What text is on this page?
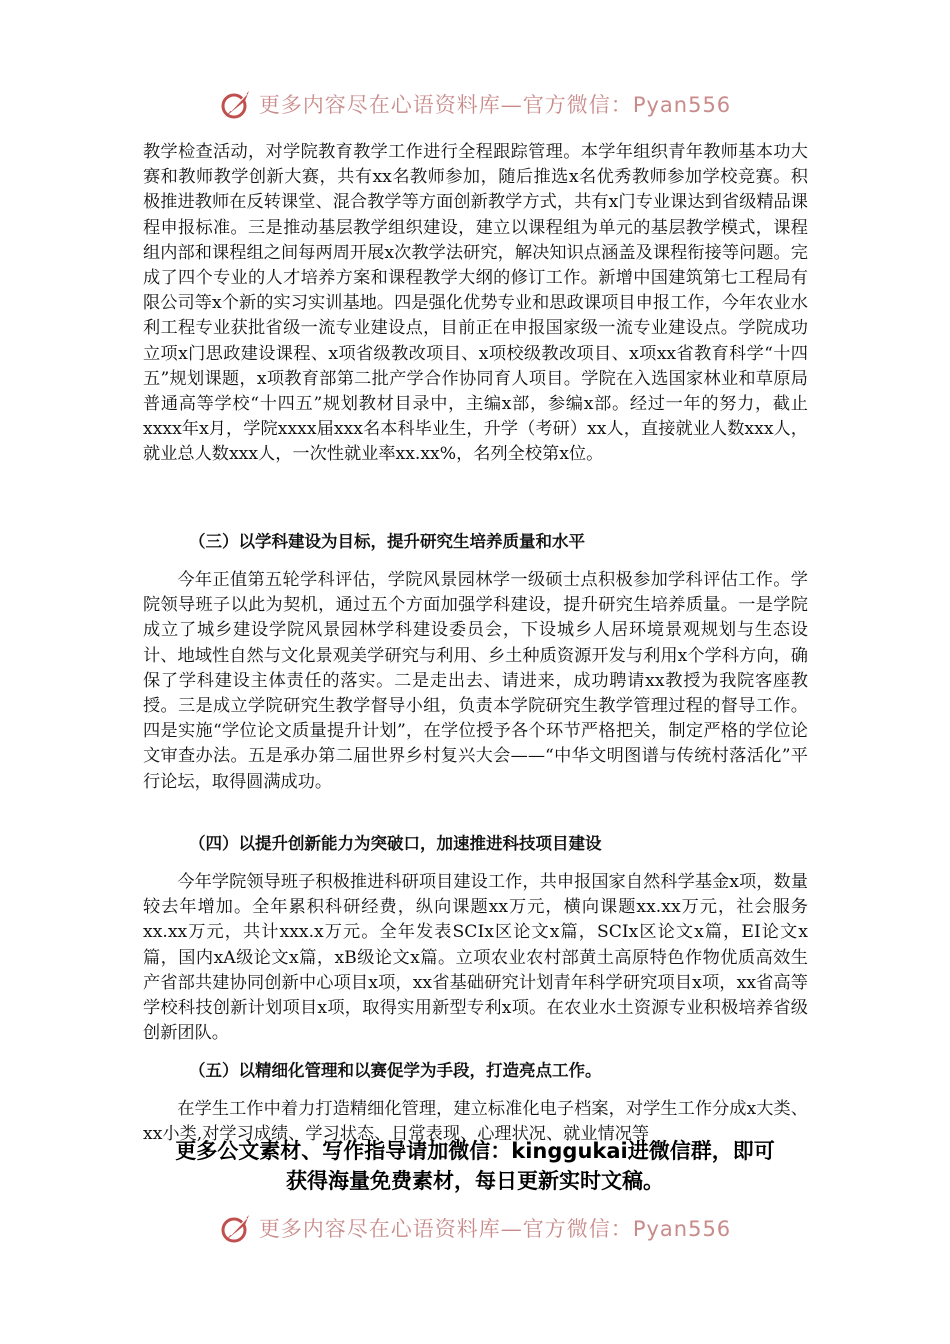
更多内容尽在心语资料库—官方微信：Pyan556

教学检查活动，对学院教育教学工作进行全程跟踪管理。本学年组织青年教师基本功大赛和教师教学创新大赛，共有xx名教师参加，随后推选x名优秀教师参加学校竞赛。积极推进教师在反转课堂、混合教学等方面创新教学方式，共有x门专业课达到省级精品课程申报标准。三是推动基层教学组织建设，建立以课程组为单元的基层教学模式，课程组内部和课程组之间每两周开展x次教学法研究，解决知识点涵盖及课程衔接等问题。完成了四个专业的人才培养方案和课程教学大纲的修订工作。新增中国建筑第七工程局有限公司等x个新的实习实训基地。四是强化优势专业和思政课项目申报工作，今年农业水利工程专业获批省级一流专业建设点，目前正在申报国家级一流专业建设点。学院成功立项x门思政建设课程、x项省级教改项目、x项校级教改项目、x项xx省教育科学“十四五”规划课题，x项教育部第二批产学合作协同育人项目。学院在入选国家林业和草原局普通高等学校“十四五”规划教材目录中，主编x部，参编x部。经过一年的努力，截止xxxx年x月，学院xxxx届xxx名本科毕业生，升学（考研）xx人，直接就业人数xxx人，就业总人数xxx人，一次性就业率xx.xx%，名列全校第x位。

（三）以学科建设为目标，提升研究生培养质量和水平

今年正值第五轮学科评估，学院风景园林学一级硕士点积极参加学科评估工作。学院领导班子以此为契机，通过五个方面加强学科建设，提升研究生培养质量。一是学院成立了城乡建设学院风景园林学科建设委员会，下设城乡人居环境景观规划与生态设计、地域性自然与文化景观美学研究与利用、乡土种质资源开发与利用x个学科方向，确保了学科建设主体责任的落实。二是走出去、请进来，成功聘请xx教授为我院客座教授。三是成立学院研究生教学督导小组，负责本学院研究生教学管理过程的督导工作。四是实施“学位论文质量提升计划”，在学位授予各个环节严格把关，制定严格的学位论文审查办法。五是承办第二届世界乡村复兴大会——“中华文明图谱与传统村落活化”平行论坛，取得圆满成功。

（四）以提升创新能力为突破口，加速推进科技项目建设

今年学院领导班子积极推进科研项目建设工作，共申报国家自然科学基金x项，数量较去年增加。全年累积科研经费，纵向课题xx万元，横向课题xx.xx万元，社会服务xx.xx万元，共计xxx.x万元。全年发表SCIx区论文x篇，SCIx区论文x篇，EI论文x篇，国内xA级论文x篇，xB级论文x篇。立项农业农村部黄土高原特色作物优质高效生产省部共建协同创新中心项目x项，xx省基础研究计划青年科学研究项目x项，xx省高等学校科技创新计划项目x项，取得实用新型专利x项。在农业水土资源专业积极培养省级创新团队。

（五）以精细化管理和以赛促学为手段，打造亮点工作。

在学生工作中着力打造精细化管理，建立标准化电子档案，对学生工作分成x大类、xx小类,对学习成绩、学习状态、日常表现、心理状况、就业情况等

更多公文素材、写作指导请加微信：kinggukai进微信群，即可
获得海量免费素材，每日更新实时文稿。
更多内容尽在心语资料库—官方微信：Pyan556
